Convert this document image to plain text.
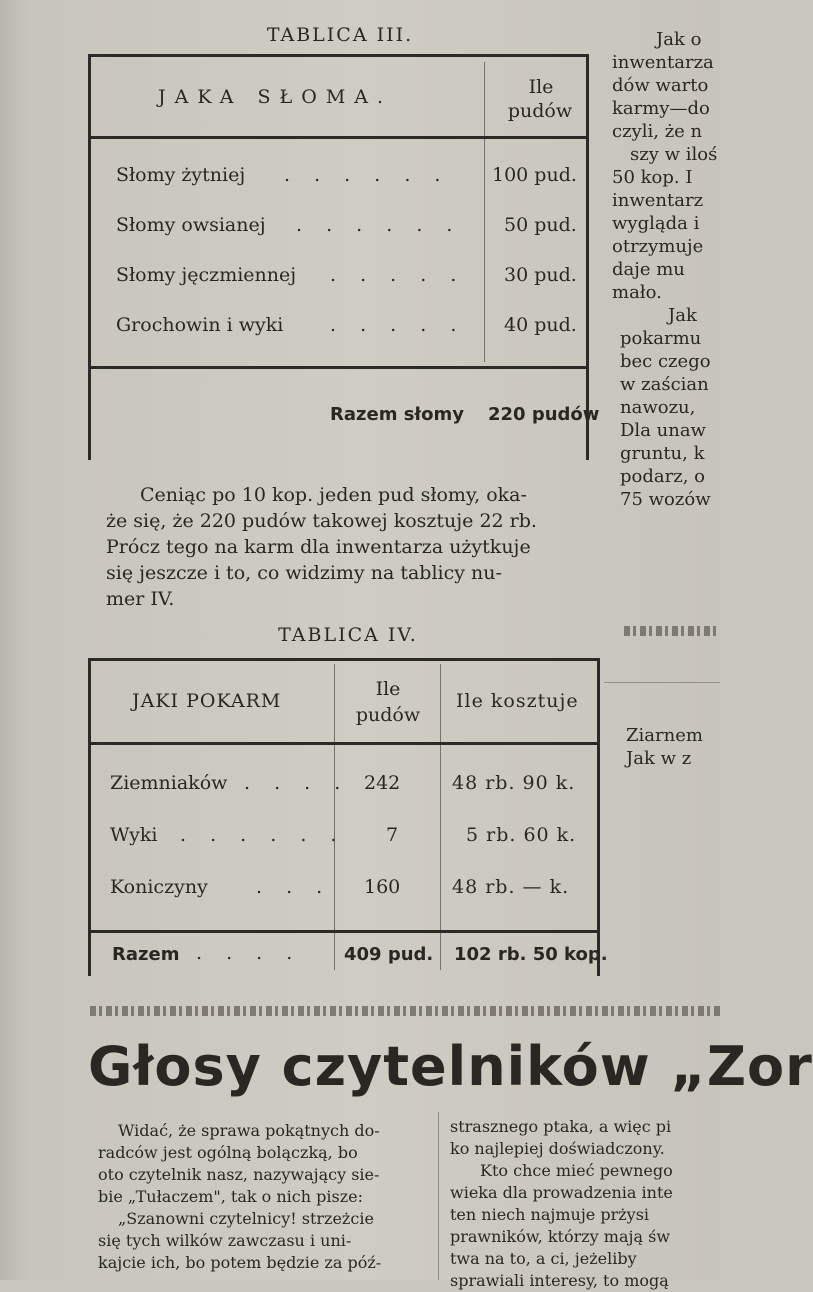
TABLICA III.
JAKA SŁOMA.	Ile
pudów
Słomy żytniej . . . . . . 100 pud.
Słomy owsianej . . . . . . 50 pud.
Słomy jęczmiennej . . . . . 30 pud.
Grochowin i wyki . . . . . 40 pud.
Razem słomy 220 pudów
Ceniąc po 10 kop. jeden pud słomy, oka-
że się, że 220 pudów takowej kosztuje 22 rb.
Prócz tego na karm dla inwentarza użytkuje
się jeszcze i to, co widzimy na tablicy nu-
mer IV.
TABLICA IV.
JAKI POKARM
Ile
pudów
Ile kosztuje
Ziemniaków . . . . 242	48 rb. 90 k.
Wyki . . . . . . 7	5 rb. 60 k.
Koniczyny	. . . 160	48 rb. — k.
Razem . . . . 409 pud. 102 rb. 50 kop.
Jak o
inwentarza
dów warto
karmy—do
czyli, że n
szy w iloś
50 kop. I
inwentarz
wygląda i
otrzymuje
daje mu
mało.
Jak
pokarmu
bec czego
w zaścian
nawozu,
Dla unaw
gruntu, k
podarz, o
75 wozów
Ziarnem
Jak w z
Głosy czytelników „Zor
Widać, że sprawa pokątnych do-
radców jest ogólną bolączką, bo
oto czytelnik nasz, nazywający sie-
bie „Tułaczem", tak o nich pisze:
„Szanowni czytelnicy! strzeżcie
się tych wilków zawczasu i uni-
kajcie ich, bo potem będzie za póź-
strasznego ptaka, a więc pi
ko najlepiej doświadczony.
Kto chce mieć pewnego
wieka dla prowadzenia inte
ten niech najmuje prżysi
prawników, którzy mają św
twa na to, a ci, jeżeliby
sprawiali interesy, to mogą
